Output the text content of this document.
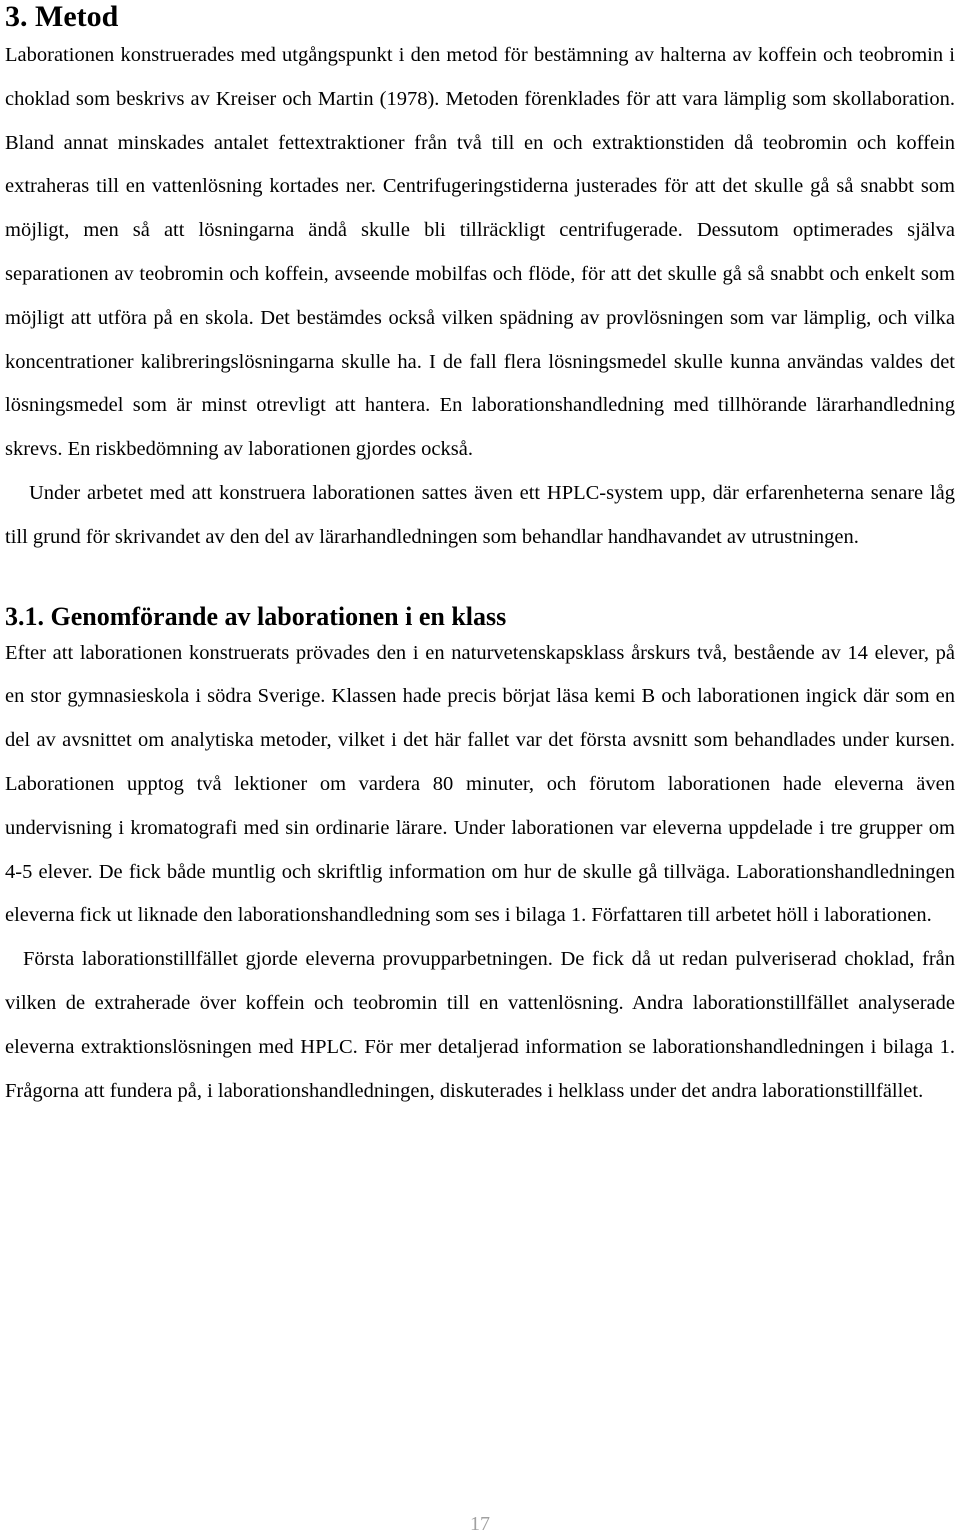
3. Metod

Laborationen konstruerades med utgångspunkt i den metod för bestämning av halterna av koffein och teobromin i choklad som beskrivs av Kreiser och Martin (1978). Metoden förenklades för att vara lämplig som skollaboration. Bland annat minskades antalet fettextraktioner från två till en och extraktionstiden då teobromin och koffein extraheras till en vattenlösning kortades ner. Centrifugeringstiderna justerades för att det skulle gå så snabbt som möjligt, men så att lösningarna ändå skulle bli tillräckligt centrifugerade. Dessutom optimerades själva separationen av teobromin och koffein, avseende mobilfas och flöde, för att det skulle gå så snabbt och enkelt som möjligt att utföra på en skola. Det bestämdes också vilken spädning av provlösningen som var lämplig, och vilka koncentrationer kalibreringslösningarna skulle ha. I de fall flera lösningsmedel skulle kunna användas valdes det lösningsmedel som är minst otrevligt att hantera. En laborationshandledning med tillhörande lärarhandledning skrevs. En riskbedömning av laborationen gjordes också.

Under arbetet med att konstruera laborationen sattes även ett HPLC-system upp, där erfarenheterna senare låg till grund för skrivandet av den del av lärarhandledningen som behandlar handhavandet av utrustningen.

3.1. Genomförande av laborationen i en klass

Efter att laborationen konstruerats prövades den i en naturvetenskapsklass årskurs två, bestående av 14 elever, på en stor gymnasieskola i södra Sverige. Klassen hade precis börjat läsa kemi B och laborationen ingick där som en del av avsnittet om analytiska metoder, vilket i det här fallet var det första avsnitt som behandlades under kursen. Laborationen upptog två lektioner om vardera 80 minuter, och förutom laborationen hade eleverna även undervisning i kromatografi med sin ordinarie lärare. Under laborationen var eleverna uppdelade i tre grupper om 4-5 elever. De fick både muntlig och skriftlig information om hur de skulle gå tillväga. Laborationshandledningen eleverna fick ut liknade den laborationshandledning som ses i bilaga 1. Författaren till arbetet höll i laborationen.

Första laborationstillfället gjorde eleverna provupparbetningen. De fick då ut redan pulveriserad choklad, från vilken de extraherade över koffein och teobromin till en vattenlösning. Andra laborationstillfället analyserade eleverna extraktionslösningen med HPLC. För mer detaljerad information se laborationshandledningen i bilaga 1. Frågorna att fundera på, i laborationshandledningen, diskuterades i helklass under det andra laborationstillfället.

17
